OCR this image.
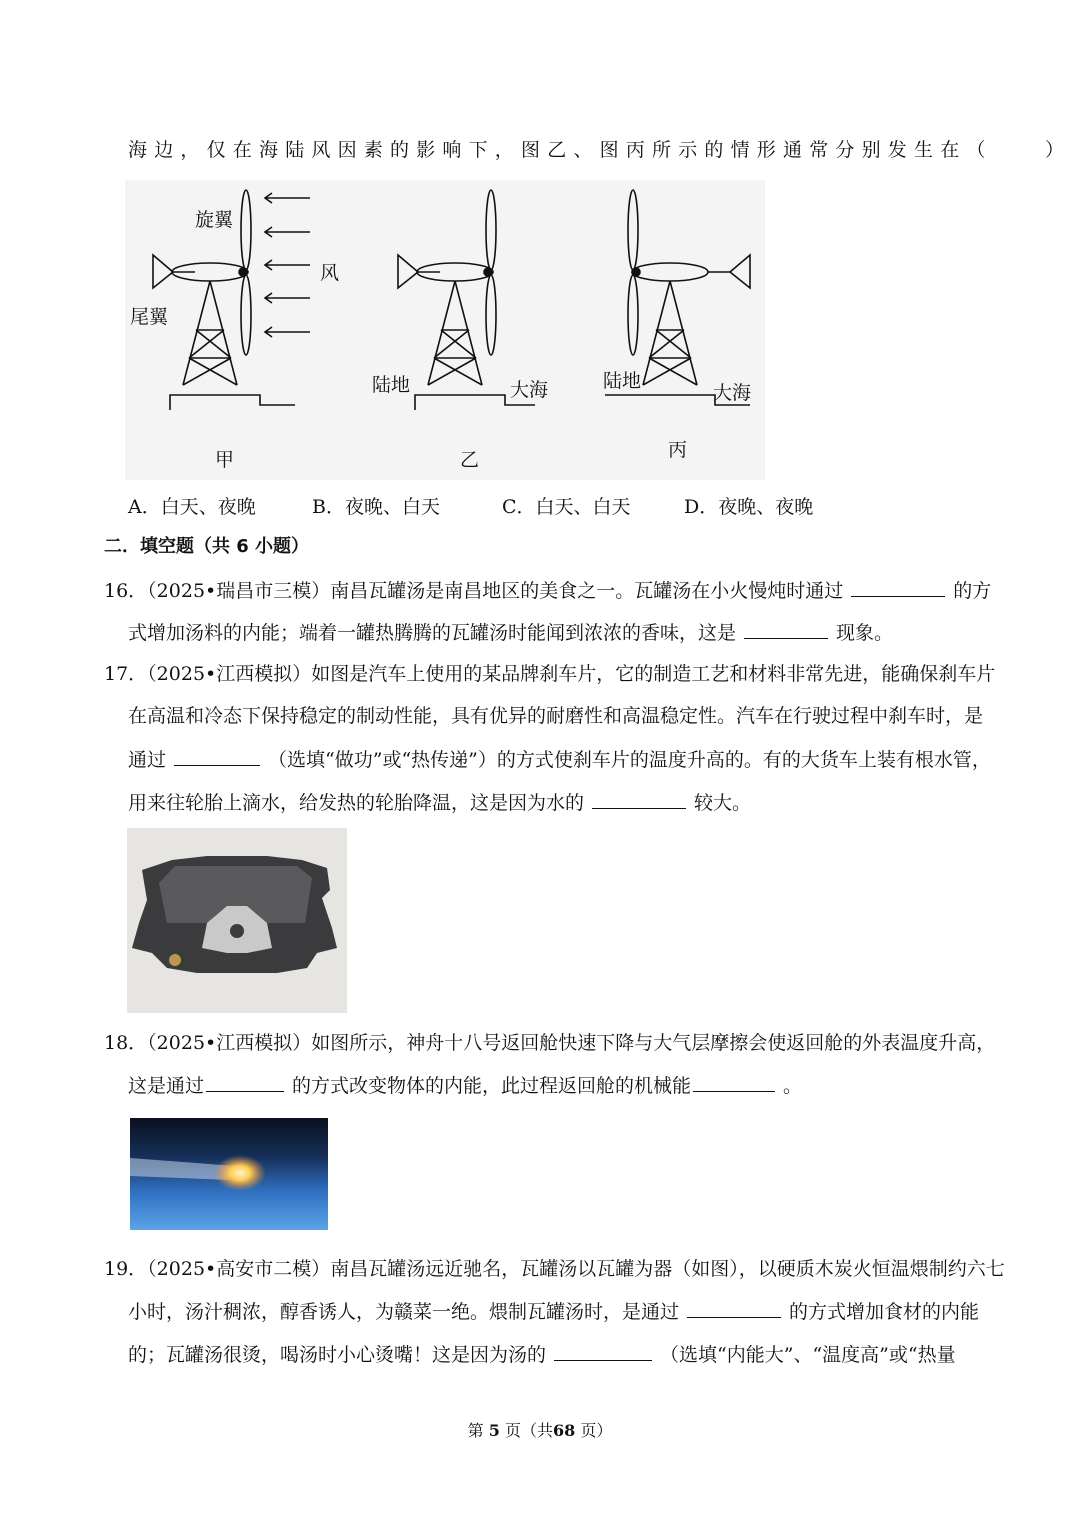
海边，仅在海陆风因素的影响下，图乙、图丙所示的情形通常分别发生在（　　）
旋翼
尾翼
风
甲
陆地	大海
乙
陆地
大海
丙
A．白天、夜晚	B．夜晚、白天	C．白天、白天	D．夜晚、夜晚
二．填空题（共 6 小题）
16．（2025•瑞昌市三模）南昌瓦罐汤是南昌地区的美食之一。瓦罐汤在小火慢炖时通过	的方
式增加汤料的内能；端着一罐热腾腾的瓦罐汤时能闻到浓浓的香味，这是	现象。
17．（2025•江西模拟）如图是汽车上使用的某品牌刹车片，它的制造工艺和材料非常先进，能确保刹车片
在高温和冷态下保持稳定的制动性能，具有优异的耐磨性和高温稳定性。汽车在行驶过程中刹车时，是
通过	（选填“做功”或“热传递”）的方式使刹车片的温度升高的。有的大货车上装有根水管，
用来往轮胎上滴水，给发热的轮胎降温，这是因为水的	较大。
18．（2025•江西模拟）如图所示，神舟十八号返回舱快速下降与大气层摩擦会使返回舱的外表温度升高，
这是通过	的方式改变物体的内能，此过程返回舱的机械能	。
19．（2025•高安市二模）南昌瓦罐汤远近驰名，瓦罐汤以瓦罐为器（如图），以硬质木炭火恒温煨制约六七
小时，汤汁稠浓，醇香诱人，为赣菜一绝。煨制瓦罐汤时，是通过	的方式增加食材的内能
的；瓦罐汤很烫，喝汤时小心烫嘴！这是因为汤的	（选填“内能大”、“温度高”或“热量
第 5 页（共68 页）
